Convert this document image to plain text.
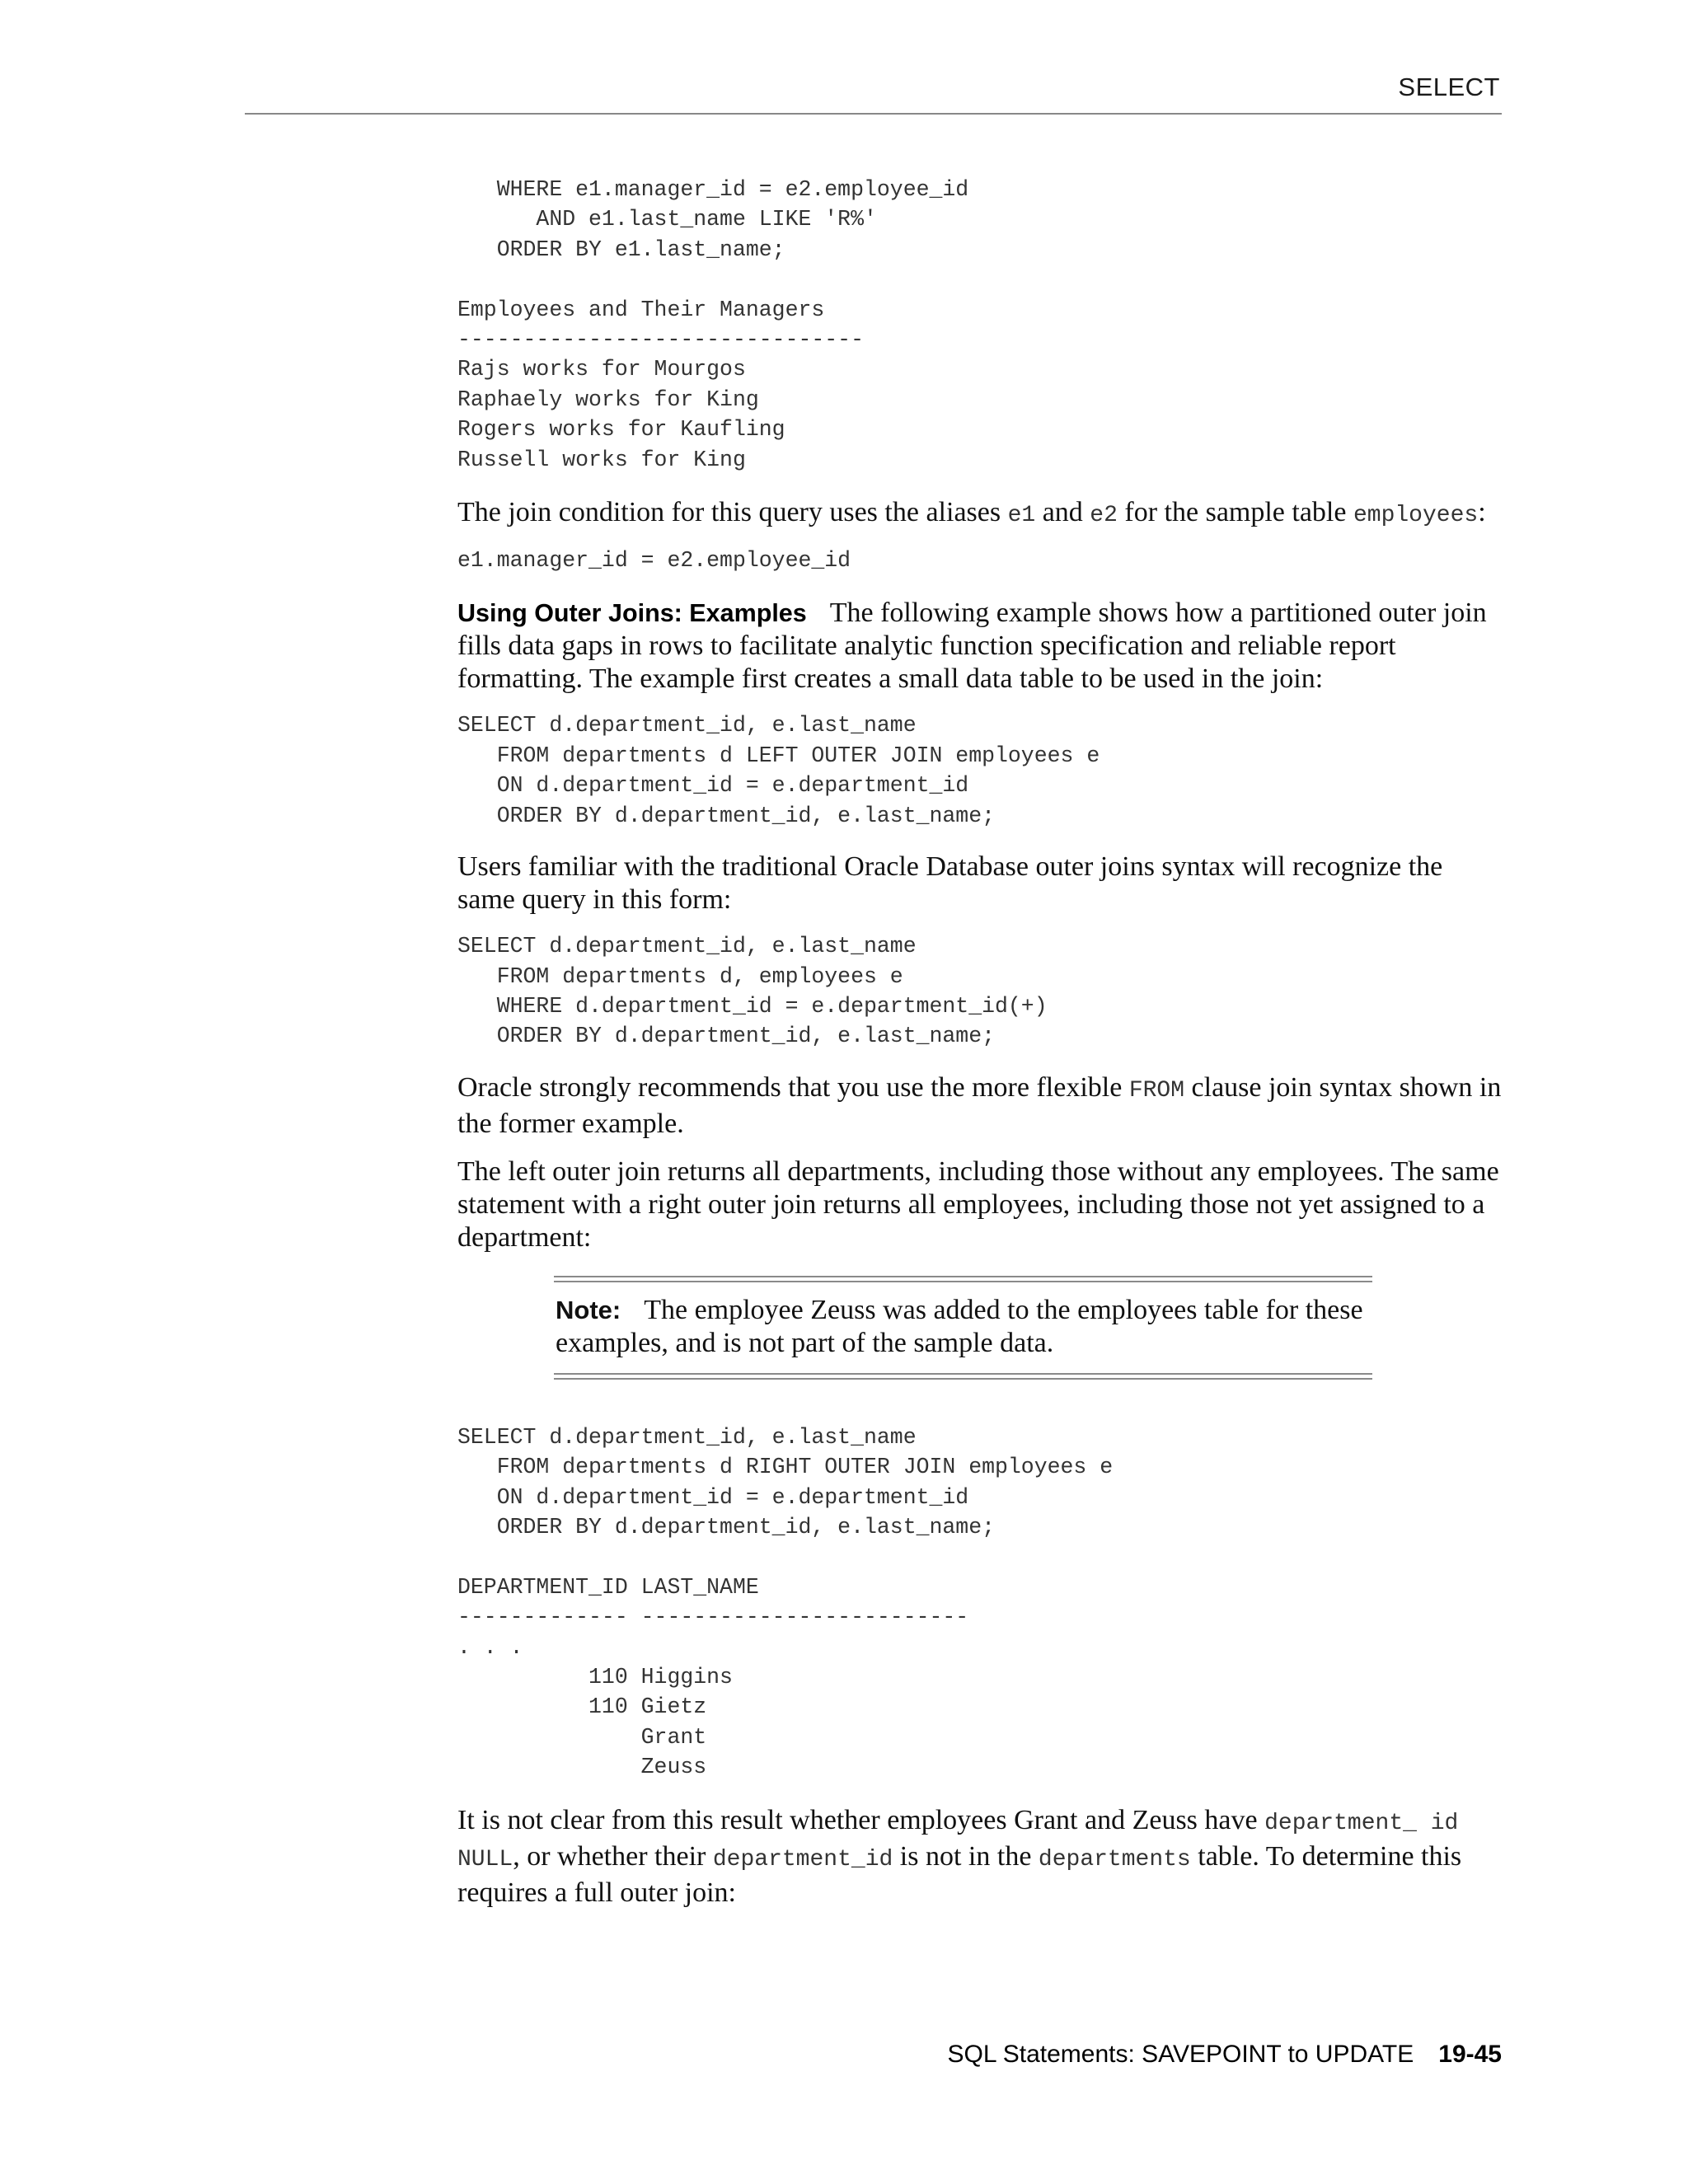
SELECT
WHERE e1.manager_id = e2.employee_id
AND e1.last_name LIKE 'R%'
ORDER BY e1.last_name;

Employees and Their Managers
-------------------------------
Rajs works for Mourgos
Raphaely works for King
Rogers works for Kaufling
Russell works for King

The join condition for this query uses the aliases e1 and e2 for the sample table employees:

e1.manager_id = e2.employee_id

Using Outer Joins: Examples The following example shows how a partitioned outer join fills data gaps in rows to facilitate analytic function specification and reliable report formatting. The example first creates a small data table to be used in the join:

SELECT d.department_id, e.last_name
FROM departments d LEFT OUTER JOIN employees e
ON d.department_id = e.department_id
ORDER BY d.department_id, e.last_name;

Users familiar with the traditional Oracle Database outer joins syntax will recognize the same query in this form:

SELECT d.department_id, e.last_name
FROM departments d, employees e
WHERE d.department_id = e.department_id(+)
ORDER BY d.department_id, e.last_name;

Oracle strongly recommends that you use the more flexible FROM clause join syntax shown in the former example.

The left outer join returns all departments, including those without any employees. The same statement with a right outer join returns all employees, including those not yet assigned to a department:

Note: The employee Zeuss was added to the employees table for these examples, and is not part of the sample data.
SELECT d.department_id, e.last_name
FROM departments d RIGHT OUTER JOIN employees e
ON d.department_id = e.department_id
ORDER BY d.department_id, e.last_name;

DEPARTMENT_ID LAST_NAME
------------- -------------------------
. . .
110 Higgins
110 Gietz
Grant
Zeuss

It is not clear from this result whether employees Grant and Zeuss have department_ id NULL, or whether their department_id is not in the departments table. To determine this requires a full outer join:

SQL Statements: SAVEPOINT to UPDATE 19-45
